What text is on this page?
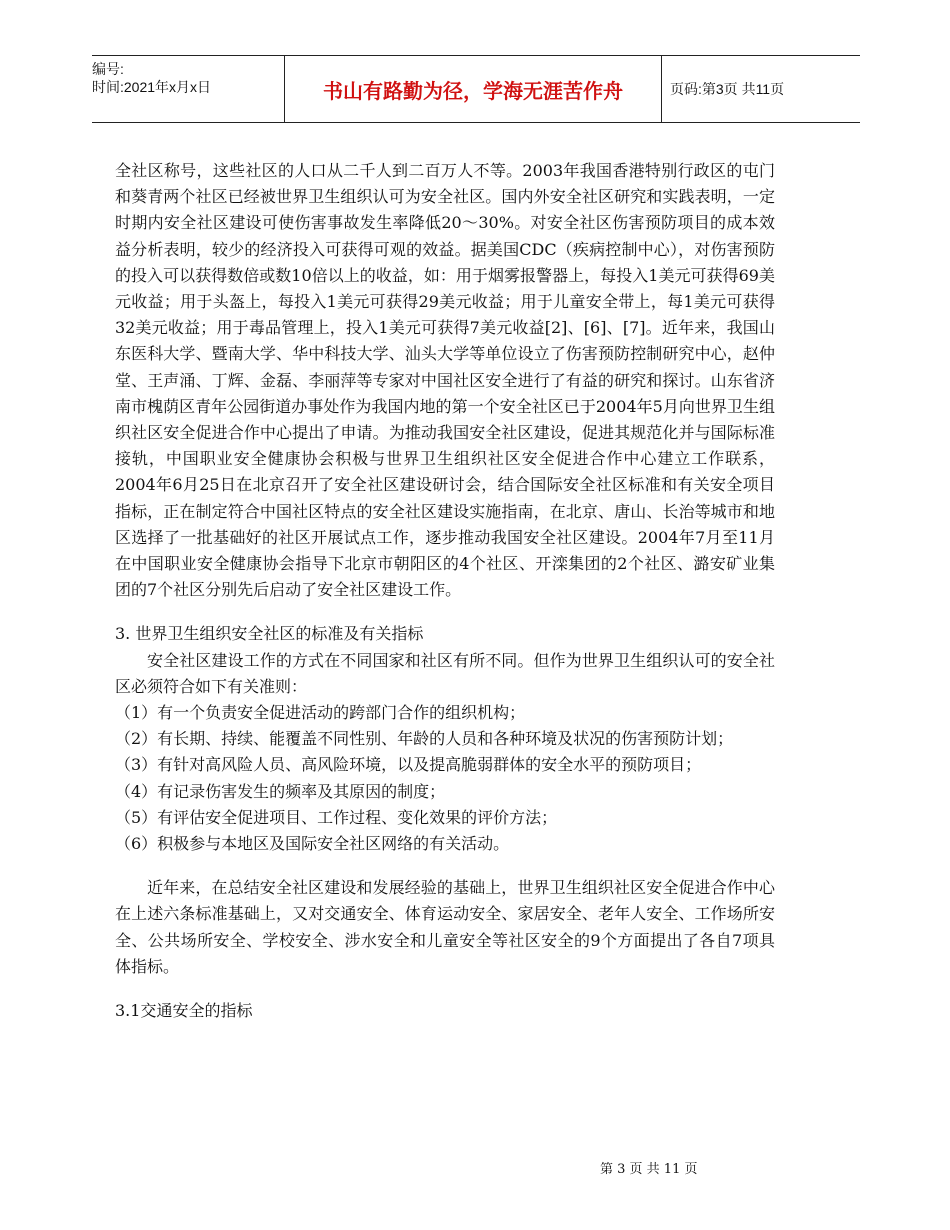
编号:
时间:2021年x月x日	书山有路勤为径，学海无涯苦作舟	页码:第3页 共11页

全社区称号，这些社区的人口从二千人到二百万人不等。2003年我国香港特别行政区的屯门和葵青两个社区已经被世界卫生组织认可为安全社区。国内外安全社区研究和实践表明，一定时期内安全社区建设可使伤害事故发生率降低20～30%。对安全社区伤害预防项目的成本效益分析表明，较少的经济投入可获得可观的效益。据美国CDC（疾病控制中心），对伤害预防的投入可以获得数倍或数10倍以上的收益，如：用于烟雾报警器上，每投入1美元可获得69美元收益；用于头盔上，每投入1美元可获得29美元收益；用于儿童安全带上，每1美元可获得32美元收益；用于毒品管理上，投入1美元可获得7美元收益[2]、[6]、[7]。近年来，我国山东医科大学、暨南大学、华中科技大学、汕头大学等单位设立了伤害预防控制研究中心，赵仲堂、王声涌、丁辉、金磊、李丽萍等专家对中国社区安全进行了有益的研究和探讨。山东省济南市槐荫区青年公园街道办事处作为我国内地的第一个安全社区已于2004年5月向世界卫生组织社区安全促进合作中心提出了申请。为推动我国安全社区建设，促进其规范化并与国际标准接轨，中国职业安全健康协会积极与世界卫生组织社区安全促进合作中心建立工作联系，2004年6月25日在北京召开了安全社区建设研讨会，结合国际安全社区标准和有关安全项目指标，正在制定符合中国社区特点的安全社区建设实施指南，在北京、唐山、长治等城市和地区选择了一批基础好的社区开展试点工作，逐步推动我国安全社区建设。2004年7月至11月在中国职业安全健康协会指导下北京市朝阳区的4个社区、开滦集团的2个社区、潞安矿业集团的7个社区分别先后启动了安全社区建设工作。

3. 世界卫生组织安全社区的标准及有关指标

安全社区建设工作的方式在不同国家和社区有所不同。但作为世界卫生组织认可的安全社区必须符合如下有关准则：

（1）有一个负责安全促进活动的跨部门合作的组织机构；

（2）有长期、持续、能覆盖不同性别、年龄的人员和各种环境及状况的伤害预防计划；

（3）有针对高风险人员、高风险环境，以及提高脆弱群体的安全水平的预防项目；

（4）有记录伤害发生的频率及其原因的制度；

（5）有评估安全促进项目、工作过程、变化效果的评价方法；

（6）积极参与本地区及国际安全社区网络的有关活动。

近年来，在总结安全社区建设和发展经验的基础上，世界卫生组织社区安全促进合作中心在上述六条标准基础上，又对交通安全、体育运动安全、家居安全、老年人安全、工作场所安全、公共场所安全、学校安全、涉水安全和儿童安全等社区安全的9个方面提出了各自7项具体指标。

3.1交通安全的指标

第 3 页 共 11 页
